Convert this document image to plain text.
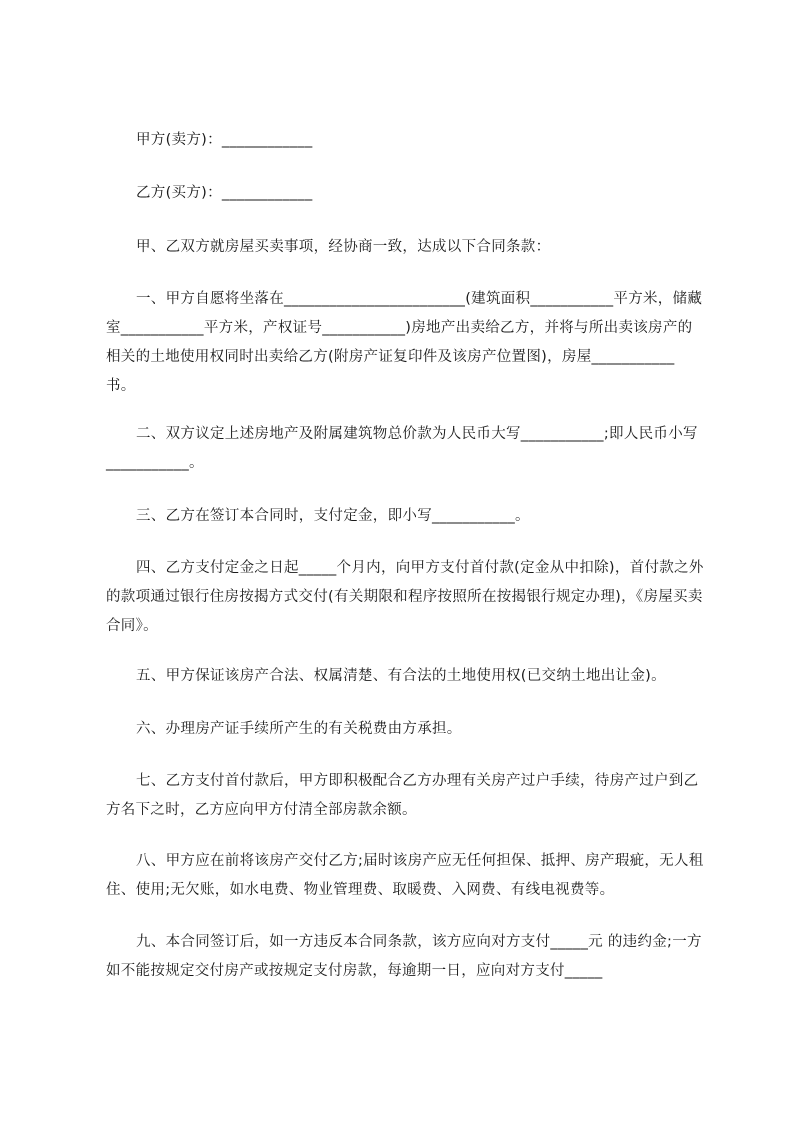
甲方(卖方)：____________

乙方(买方)：____________

甲、乙双方就房屋买卖事项，经协商一致，达成以下合同条款：

一、甲方自愿将坐落在________________________(建筑面积___________平方米，储藏室___________平方米，产权证号___________)房地产出卖给乙方，并将与所出卖该房产的相关的土地使用权同时出卖给乙方(附房产证复印件及该房产位置图)，房屋___________书。

二、双方议定上述房地产及附属建筑物总价款为人民币大写___________;即人民币小写___________。

三、乙方在签订本合同时，支付定金，即小写___________。

四、乙方支付定金之日起_____个月内，向甲方支付首付款(定金从中扣除)，首付款之外的款项通过银行住房按揭方式交付(有关期限和程序按照所在按揭银行规定办理)，《房屋买卖合同》。

五、甲方保证该房产合法、权属清楚、有合法的土地使用权(已交纳土地出让金)。

六、办理房产证手续所产生的有关税费由方承担。

七、乙方支付首付款后，甲方即积极配合乙方办理有关房产过户手续，待房产过户到乙方名下之时，乙方应向甲方付清全部房款余额。

八、甲方应在前将该房产交付乙方;届时该房产应无任何担保、抵押、房产瑕疵，无人租住、使用;无欠账，如水电费、物业管理费、取暖费、入网费、有线电视费等。

九、本合同签订后，如一方违反本合同条款，该方应向对方支付_____元 的违约金;一方如不能按规定交付房产或按规定支付房款，每逾期一日，应向对方支付_____
